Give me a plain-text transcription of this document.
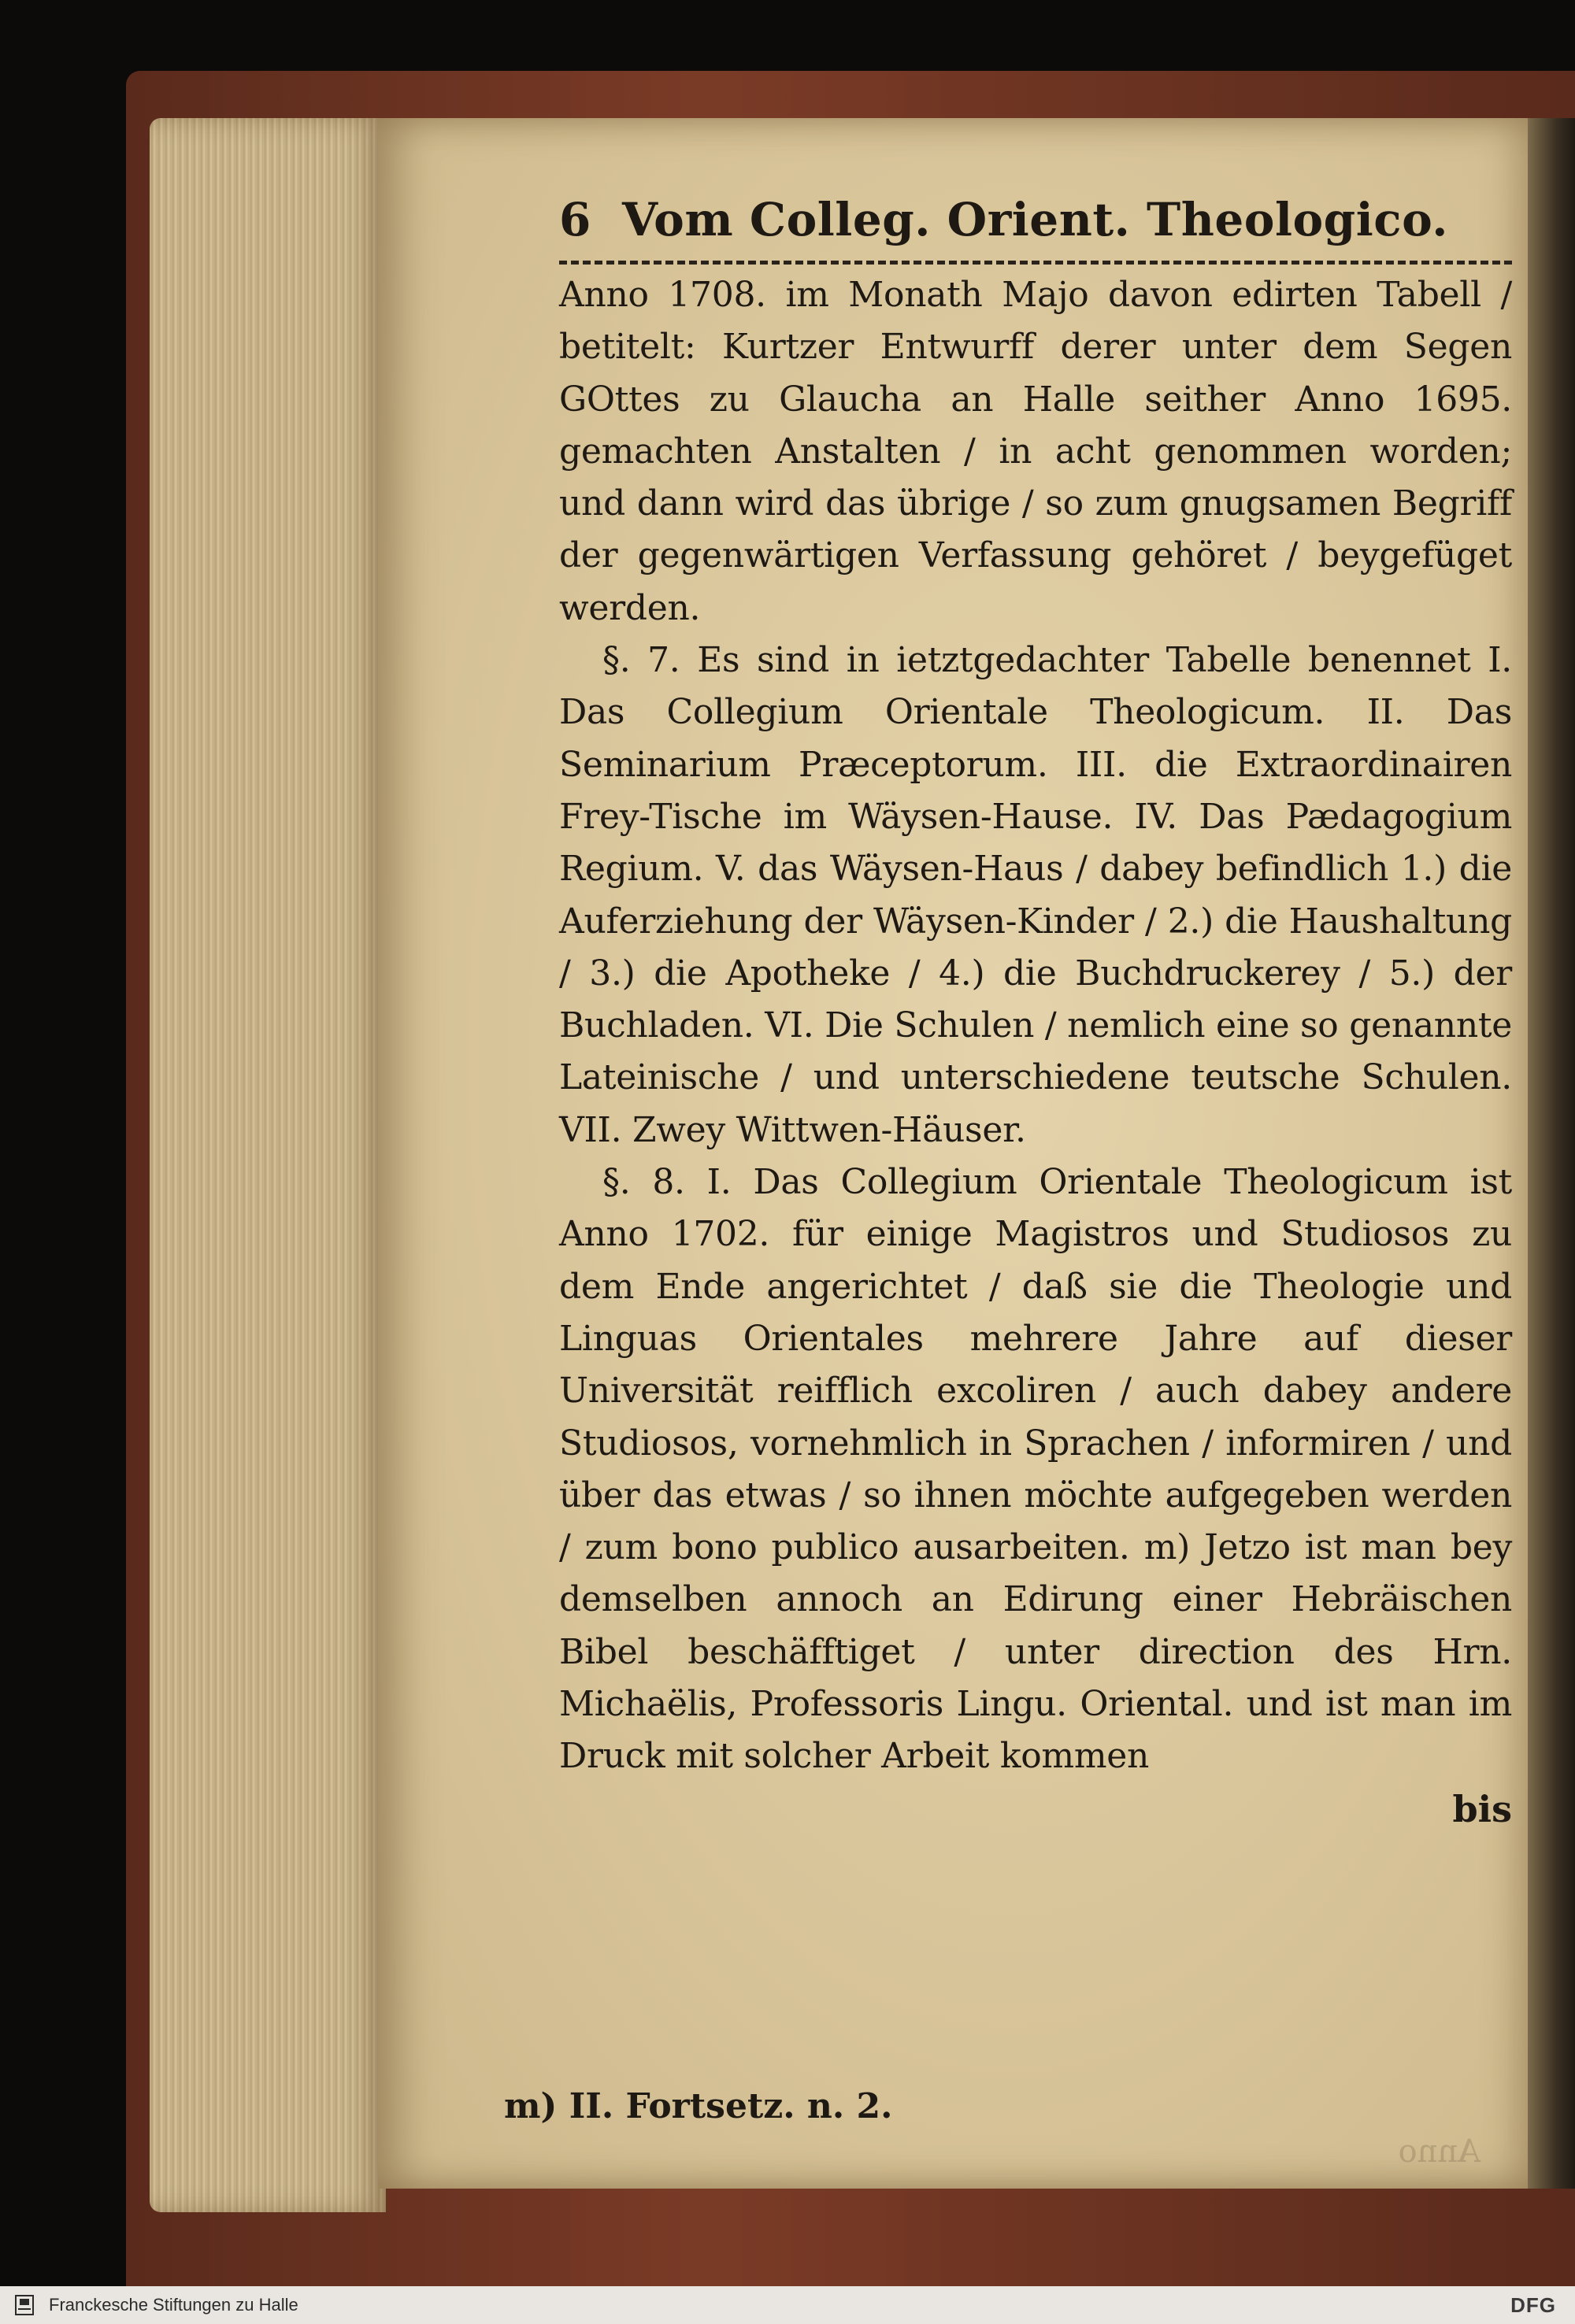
6 Vom Colleg. Orient. Theologico.

Anno 1708. im Monath Majo davon edirten Tabell / betitelt: Kurtzer Entwurff derer unter dem Segen GOttes zu Glaucha an Halle seither Anno 1695. gemachten Anstalten / in acht genommen worden; und dann wird das übrige / so zum gnugsamen Begriff der gegenwärtigen Verfassung gehöret / beygefüget werden.

§. 7. Es sind in ietztgedachter Tabelle benennet I. Das Collegium Orientale Theologicum. II. Das Seminarium Præceptorum. III. die Extraordinairen Frey-Tische im Wäysen-Hause. IV. Das Pædagogium Regium. V. das Wäysen-Haus / dabey befindlich 1.) die Auferziehung der Wäysen-Kinder / 2.) die Haushaltung / 3.) die Apotheke / 4.) die Buchdruckerey / 5.) der Buchladen. VI. Die Schulen / nemlich eine so genannte Lateinische / und unterschiedene teutsche Schulen. VII. Zwey Wittwen-Häuser.

§. 8. I. Das Collegium Orientale Theologicum ist Anno 1702. für einige Magistros und Studiosos zu dem Ende angerichtet / daß sie die Theologie und Linguas Orientales mehrere Jahre auf dieser Universität reifflich excoliren / auch dabey andere Studiosos, vornehmlich in Sprachen / informiren / und über das etwas / so ihnen möchte aufgegeben werden / zum bono publico ausarbeiten. m) Jetzo ist man bey demselben annoch an Edirung einer Hebräischen Bibel beschäfftiget / unter direction des Hrn. Michaëlis, Professoris Lingu. Oriental. und ist man im Druck mit solcher Arbeit kommen

bis
Anno
m) II. Fortsetz. n. 2.
Franckesche Stiftungen zu Halle	DFG
